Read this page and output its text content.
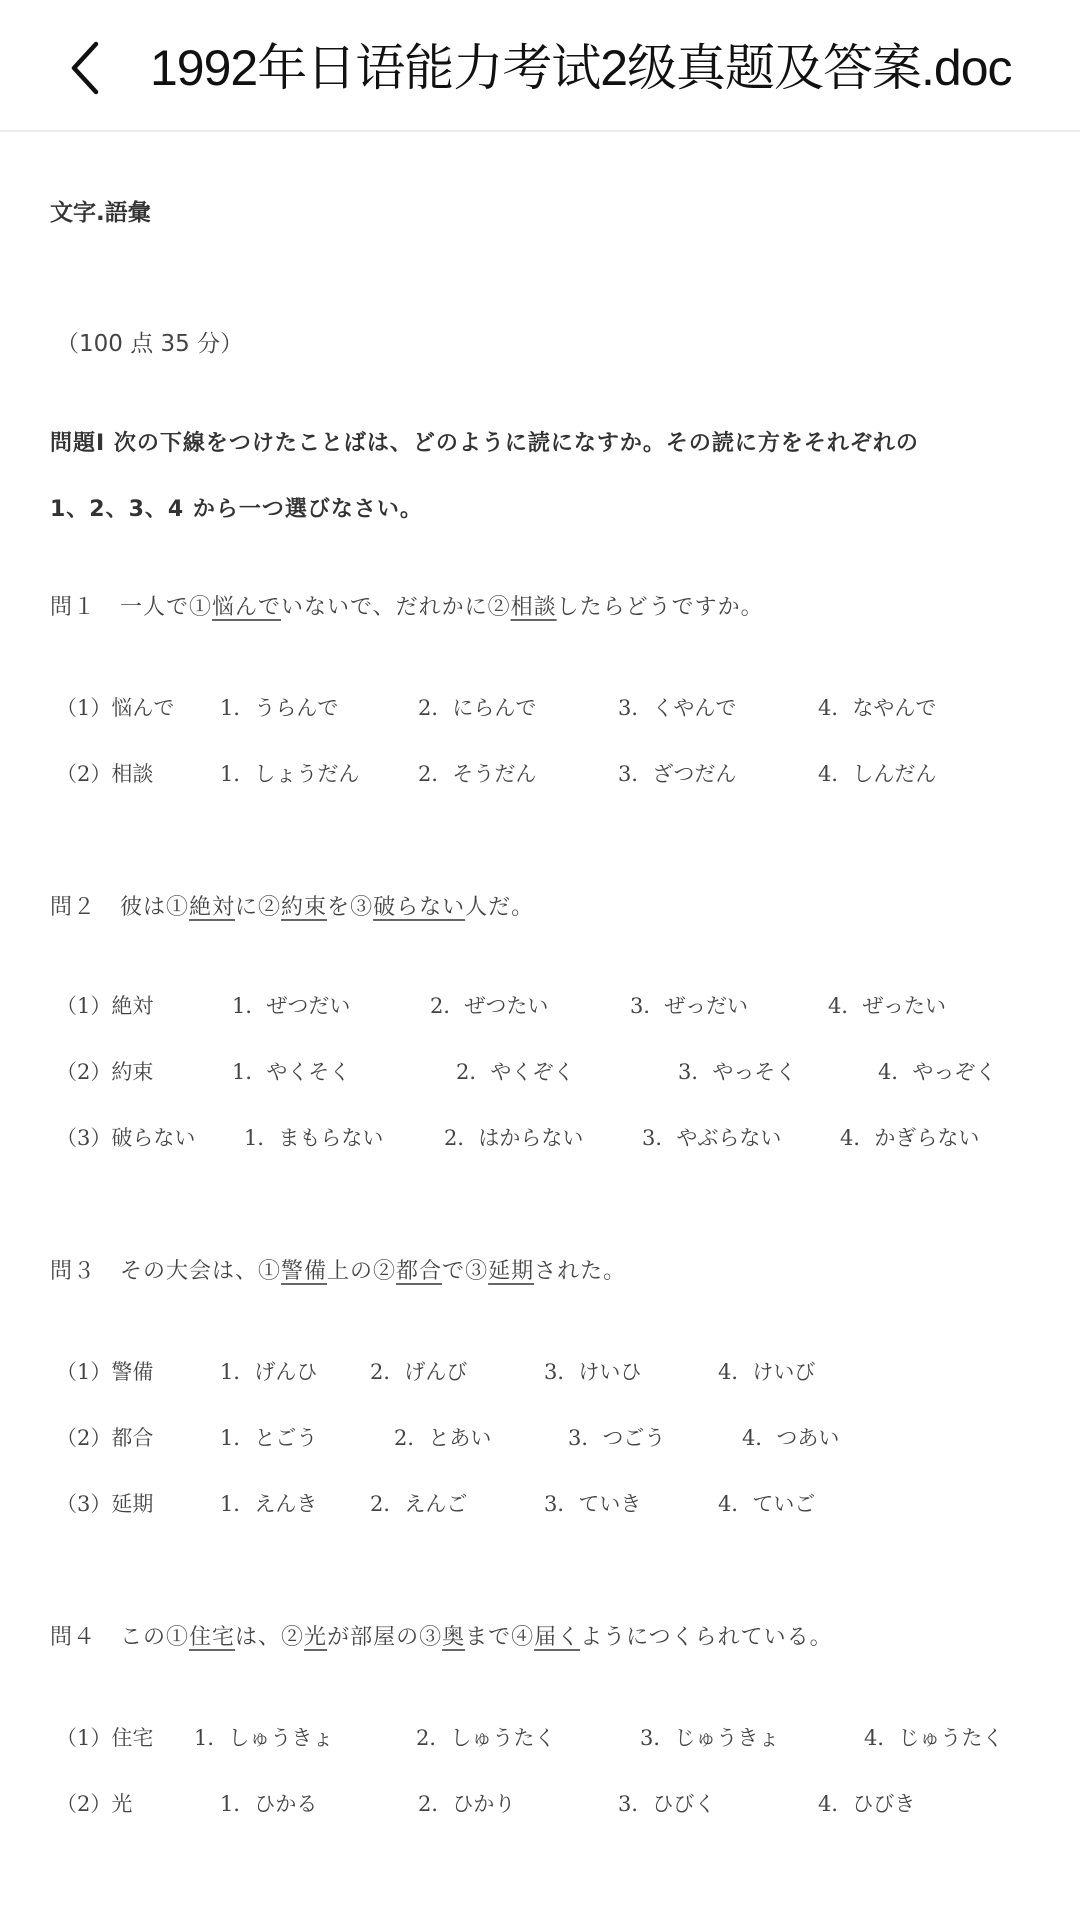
1992年日语能力考试2级真题及答案.doc
文字.語彙
（100 点 35 分）
問題Ⅰ 次の下線をつけたことばは、どのように読になすか。その読に方をそれぞれの
1、2、3、4 から一つ選びなさい。
問１ 一人で①悩んでいないで、だれかに②相談したらどうですか。
（1）悩んで 1．うらんで	2．にらんで	3．くやんで	4．なやんで
（2）相談	1．しょうだん	2．そうだん	3．ざつだん	4．しんだん
問２ 彼は①絶対に②約束を③破らない人だ。
（1）絶対	1．ぜつだい	2．ぜつたい	3．ぜっだい	4．ぜったい
（2）約束	1．やくそく	2．やくぞく	3．やっそく	4．やっぞく
（3）破らない 1．まもらない	2．はからない	3．やぶらない	4．かぎらない
問３ その大会は、①警備上の②都合で③延期された。
（1）警備	1．げんひ	2．げんび	3．けいひ	4．けいび
（2）都合	1．とごう	2．とあい	3．つごう	4．つあい
（3）延期	1．えんき	2．えんご	3．ていき	4．ていご
問４ この①住宅は、②光が部屋の③奥まで④届くようにつくられている。
（1）住宅 1．しゅうきょ	2．しゅうたく	3．じゅうきょ	4．じゅうたく
（2）光	1．ひかる	2．ひかり	3．ひびく	4．ひびき
